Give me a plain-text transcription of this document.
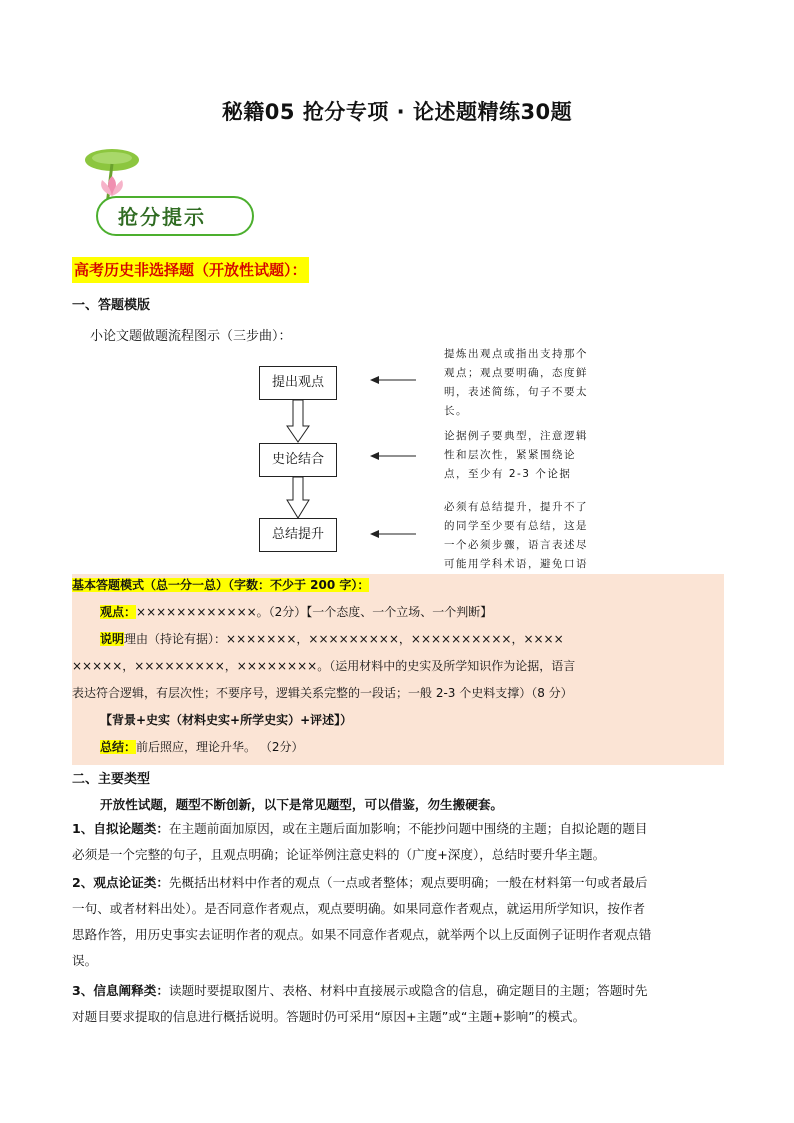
秘籍05 抢分专项 · 论述题精练30题
抢分提示
高考历史非选择题（开放性试题）：
一、答题模版
小论文题做题流程图示（三步曲）：
提出观点
史论结合
总结提升
提炼出观点或指出支持那个
观点；观点要明确，态度鲜
明，表述简练，句子不要太
长。
论据例子要典型，注意逻辑
性和层次性，紧紧围绕论
点，至少有 2-3 个论据
必须有总结提升，提升不了
的同学至少要有总结，这是
一个必须步骤，语言表述尽
可能用学科术语，避免口语
基本答题模式（总一分一总）（字数：不少于 200 字）：
观点：××××××××××××。（2分）【一个态度、一个立场、一个判断】
说明理由（持论有据）：×××××××，×××××××××，××××××××××，××××
×××××，×××××××××，××××××××。（运用材料中的史实及所学知识作为论据，语言
表达符合逻辑，有层次性；不要序号，逻辑关系完整的一段话；一般 2-3 个史料支撑）（8 分）
【背景+史实（材料史实+所学史实）+评述】）
总结：前后照应，理论升华。 （2分）
二、主要类型
开放性试题，题型不断创新，以下是常见题型，可以借鉴，勿生搬硬套。
1、自拟论题类：在主题前面加原因，或在主题后面加影响；不能抄问题中围绕的主题；自拟论题的题目
必须是一个完整的句子，且观点明确；论证举例注意史料的（广度+深度），总结时要升华主题。
2、观点论证类：先概括出材料中作者的观点（一点或者整体；观点要明确；一般在材料第一句或者最后
一句、或者材料出处）。是否同意作者观点，观点要明确。如果同意作者观点，就运用所学知识，按作者
思路作答，用历史事实去证明作者的观点。如果不同意作者观点，就举两个以上反面例子证明作者观点错
误。
3、信息阐释类：读题时要提取图片、表格、材料中直接展示或隐含的信息，确定题目的主题；答题时先
对题目要求提取的信息进行概括说明。答题时仍可采用“原因+主题”或“主题+影响”的模式。
